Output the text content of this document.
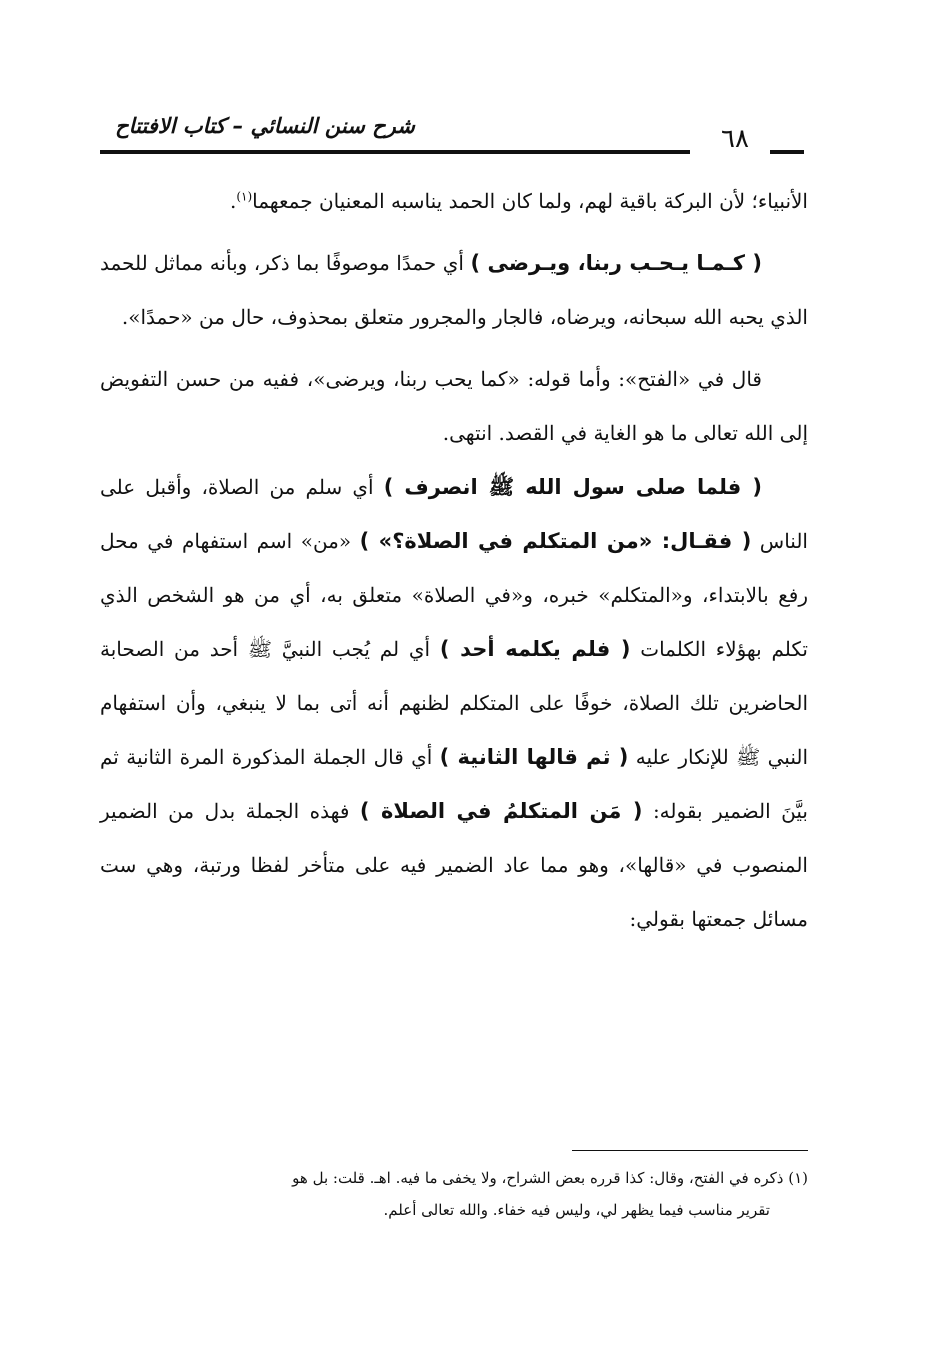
شرح سنن النسائي – كتاب الافتتاح	٦٨

الأنبياء؛ لأن البركة باقية لهم، ولما كان الحمد يناسبه المعنيان جمعهما$^{(١)}$.

( كـمـا يـحـب ربنا، ويـرضى ) أي حمدًا موصوفًا بما ذكر، وبأنه مماثل للحمد الذي يحبه الله سبحانه، ويرضاه، فالجار والمجرور متعلق بمحذوف، حال من «حمدًا».

قال في «الفتح»: وأما قوله: «كما يحب ربنا، ويرضى»، ففيه من حسن التفويض إلى الله تعالى ما هو الغاية في القصد. انتهى.

( فلما صلى سول الله ﷺ انصرف ) أي سلم من الصلاة، وأقبل على الناس ( فقـال: «من المتكلم في الصلاة؟» ) «من» اسم استفهام في محل رفع بالابتداء، و«المتكلم» خبره، و«في الصلاة» متعلق به، أي من هو الشخص الذي تكلم بهؤلاء الكلمات ( فلم يكلمه أحد ) أي لم يُجب النبيَّ ﷺ أحد من الصحابة الحاضرين تلك الصلاة، خوفًا على المتكلم لظنهم أنه أتى بما لا ينبغي، وأن استفهام النبي ﷺ للإنكار عليه ( ثم قالها الثانية ) أي قال الجملة المذكورة المرة الثانية ثم بيَّنَ الضمير بقوله: ( مَن المتكلمُ في الصلاة ) فهذه الجملة بدل من الضمير المنصوب في «قالها»، وهو مما عاد الضمير فيه على متأخر لفظا ورتبة، وهي ست مسائل جمعتها بقولي:

(١) ذكره في الفتح، وقال: كذا قرره بعض الشراح، ولا يخفى ما فيه. اهـ. قلت: بل هو
تقرير مناسب فيما يظهر لي، وليس فيه خفاء. والله تعالى أعلم.
